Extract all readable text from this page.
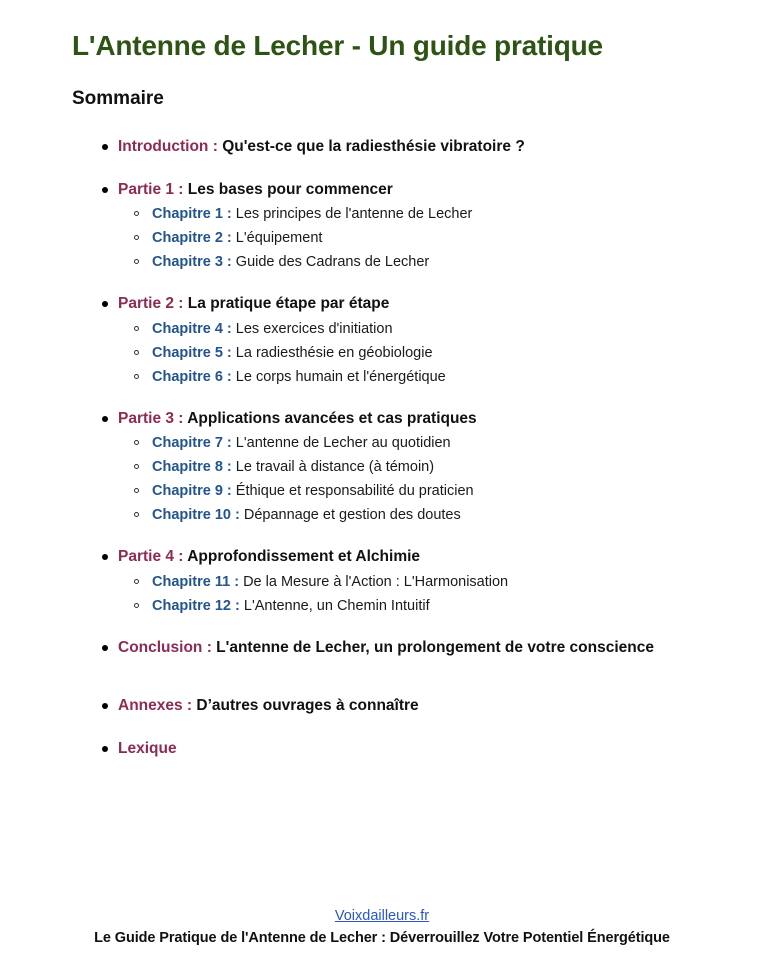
L'Antenne de Lecher - Un guide pratique
Sommaire
Introduction : Qu'est-ce que la radiesthésie vibratoire ?
Partie 1 : Les bases pour commencer
Chapitre 1 : Les principes de l'antenne de Lecher
Chapitre 2 : L'équipement
Chapitre 3 : Guide des Cadrans de Lecher
Partie 2 : La pratique étape par étape
Chapitre 4 : Les exercices d'initiation
Chapitre 5 : La radiesthésie en géobiologie
Chapitre 6 : Le corps humain et l'énergétique
Partie 3 : Applications avancées et cas pratiques
Chapitre 7 : L'antenne de Lecher au quotidien
Chapitre 8 : Le travail à distance (à témoin)
Chapitre 9 : Éthique et responsabilité du praticien
Chapitre 10 : Dépannage et gestion des doutes
Partie 4 : Approfondissement et Alchimie
Chapitre 11 : De la Mesure à l'Action : L'Harmonisation
Chapitre 12 : L'Antenne, un Chemin Intuitif
Conclusion : L'antenne de Lecher, un prolongement de votre conscience
Annexes : D’autres ouvrages à connaître
Lexique
Voixdailleurs.fr
Le Guide Pratique de l'Antenne de Lecher : Déverrouillez Votre Potentiel Énergétique
